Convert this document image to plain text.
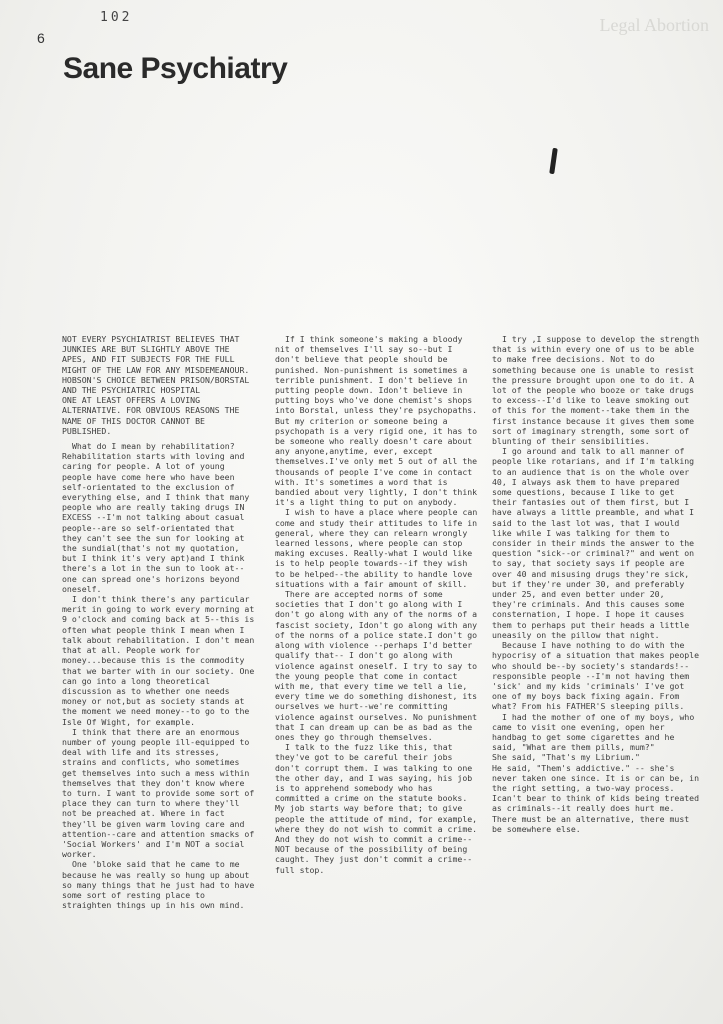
102
6
Legal Abortion
Sane Psychiatry

NOT EVERY PSYCHIATRIST BELIEVES THAT JUNKIES ARE BUT SLIGHTLY ABOVE THE APES, AND FIT SUBJECTS FOR THE FULL MIGHT OF THE LAW FOR ANY MISDEMEANOUR. HOBSON'S CHOICE BETWEEN PRISON/BORSTAL AND THE PSYCHIATRIC HOSPITAL

ONE AT LEAST OFFERS A LOVING ALTERNATIVE. FOR OBVIOUS REASONS THE NAME OF THIS DOCTOR CANNOT BE PUBLISHED.

What do I mean by rehabilitation? Rehabilitation starts with loving and caring for people. A lot of young people have come here who have been self-orientated to the exclusion of everything else, and I think that many people who are really taking drugs IN EXCESS --I'm not talking about casual people--are so self-orientated that they can't see the sun for looking at the sundial(that's not my quotation, but I think it's very apt)and I think there's a lot in the sun to look at--one can spread one's horizons beyond oneself.

I don't think there's any particular merit in going to work every morning at 9 o'clock and coming back at 5--this is often what people think I mean when I talk about rehabilitation. I don't mean that at all. People work for money...because this is the commodity that we barter with in our society. One can go into a long theoretical discussion as to whether one needs money or not,but as society stands at the moment we need money--to go to the Isle Of Wight, for example.

I think that there are an enormous number of young people ill-equipped to deal with life and its stresses, strains and conflicts, who sometimes get themselves into such a mess within themselves that they don't know where to turn. I want to provide some sort of place they can turn to where they'll not be preached at. Where in fact they'll be given warm loving care and attention--care and attention smacks of 'Social Workers' and I'm NOT a social worker.

One 'bloke said that he came to me because he was really so hung up about so many things that he just had to have some sort of resting place to straighten things up in his own mind.

If I think someone's making a bloody nit of themselves I'll say so--but I don't believe that people should be punished. Non-punishment is sometimes a terrible punishment. I don't believe in putting people down. Idon't believe in putting boys who've done chemist's shops into Borstal, unless they're psychopaths. But my criterion or someone being a psychopath is a very rigid one, it has to be someone who really doesn't care about any anyone,anytime, ever, except themselves.I've only met 5 out of all the thousands of people I've come in contact with. It's sometimes a word that is bandied about very lightly, I don't think it's a light thing to put on anybody.

I wish to have a place where people can come and study their attitudes to life in general, where they can relearn wrongly learned lessons, where people can stop making excuses. Really-what I would like is to help people towards--if they wish to be helped--the ability to handle love situations with a fair amount of skill.

There are accepted norms of some societies that I don't go along with I don't go along with any of the norms of a fascist society, Idon't go along with any of the norms of a police state.I don't go along with violence --perhaps I'd better qualify that-- I don't go along with violence against oneself. I try to say to the young people that come in contact with me, that every time we tell a lie, every time we do something dishonest, its ourselves we hurt--we're committing violence against ourselves. No punishment that I can dream up can be as bad as the ones they go through themselves.

I talk to the fuzz like this, that they've got to be careful their jobs don't corrupt them. I was talking to one the other day, and I was saying, his job is to apprehend somebody who has committed a crime on the statute books. My job starts way before that; to give people the attitude of mind, for example, where they do not wish to commit a crime. And they do not wish to commit a crime--NOT because of the possibility of being caught. They just don't commit a crime--full stop.

I try ,I suppose to develop the strength that is within every one of us to be able to make free decisions. Not to do something because one is unable to resist the pressure brought upon one to do it. A lot of the people who booze or take drugs to excess--I'd like to leave smoking out of this for the moment--take them in the first instance because it gives them some sort of imaginary strength, some sort of blunting of their sensibilities.

I go around and talk to all manner of people like rotarians, and if I'm talking to an audience that is on the whole over 40, I always ask them to have prepared some questions, because I like to get their fantasies out of them first, but I have always a little preamble, and what I said to the last lot was, that I would like while I was talking for them to consider in their minds the answer to the question "sick--or criminal?" and went on to say, that society says if people are over 40 and misusing drugs they're sick, but if they're under 30, and preferably under 25, and even better under 20, they're criminals. And this causes some consternation, I hope. I hope it causes them to perhaps put their heads a little uneasily on the pillow that night.

Because I have nothing to do with the hypocrisy of a situation that makes people who should be--by society's standards!--responsible people --I'm not having them 'sick' and my kids 'criminals' I've got one of my boys back fixing again. From what? From his FATHER'S sleeping pills.

I had the mother of one of my boys, who came to visit one evening, open her handbag to get some cigarettes and he said, "What are them pills, mum?"

She said, "That's my Librium."

He said, "Them's addictive." -- she's never taken one since. It is or can be, in the right setting, a two-way process. Ican't bear to think of kids being treated as criminals--it really does hurt me. There must be an alternative, there must be somewhere else.
